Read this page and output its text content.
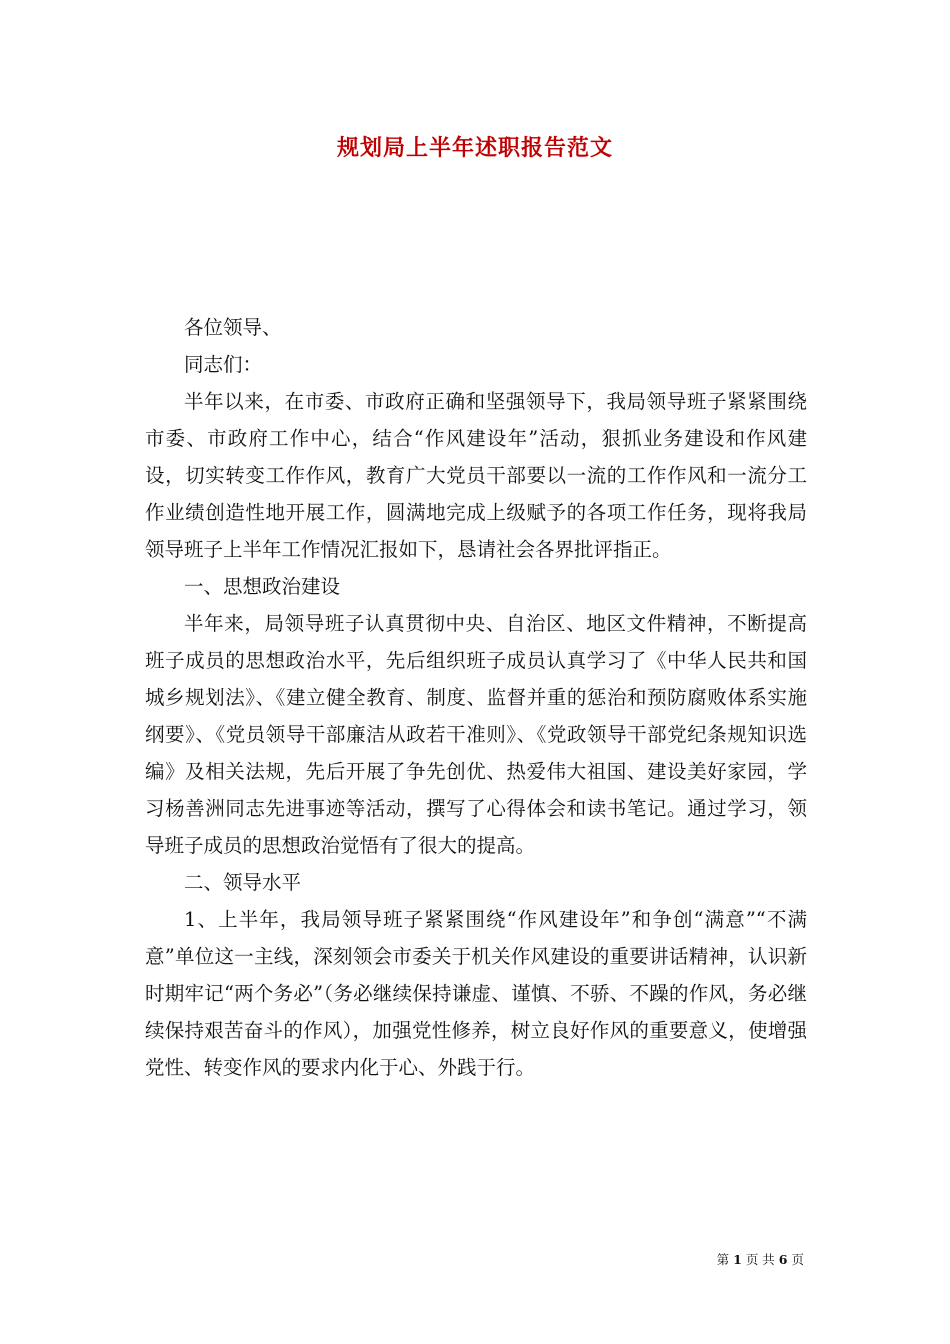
规划局上半年述职报告范文

各位领导、

同志们：

半年以来，在市委、市政府正确和坚强领导下，我局领导班子紧紧围绕市委、市政府工作中心，结合“作风建设年”活动，狠抓业务建设和作风建设，切实转变工作作风，教育广大党员干部要以一流的工作作风和一流分工作业绩创造性地开展工作，圆满地完成上级赋予的各项工作任务，现将我局领导班子上半年工作情况汇报如下，恳请社会各界批评指正。

一、思想政治建设

半年来，局领导班子认真贯彻中央、自治区、地区文件精神，不断提高班子成员的思想政治水平，先后组织班子成员认真学习了《中华人民共和国城乡规划法》、《建立健全教育、制度、监督并重的惩治和预防腐败体系实施纲要》、《党员领导干部廉洁从政若干准则》、《党政领导干部党纪条规知识选编》及相关法规，先后开展了争先创优、热爱伟大祖国、建设美好家园，学习杨善洲同志先进事迹等活动，撰写了心得体会和读书笔记。通过学习，领导班子成员的思想政治觉悟有了很大的提高。

二、领导水平

1、上半年，我局领导班子紧紧围绕“作风建设年”和争创“满意”“不满意”单位这一主线，深刻领会市委关于机关作风建设的重要讲话精神，认识新时期牢记“两个务必”（务必继续保持谦虚、谨慎、不骄、不躁的作风，务必继续保持艰苦奋斗的作风），加强党性修养，树立良好作风的重要意义，使增强党性、转变作风的要求内化于心、外践于行。

第 1 页 共 6 页
